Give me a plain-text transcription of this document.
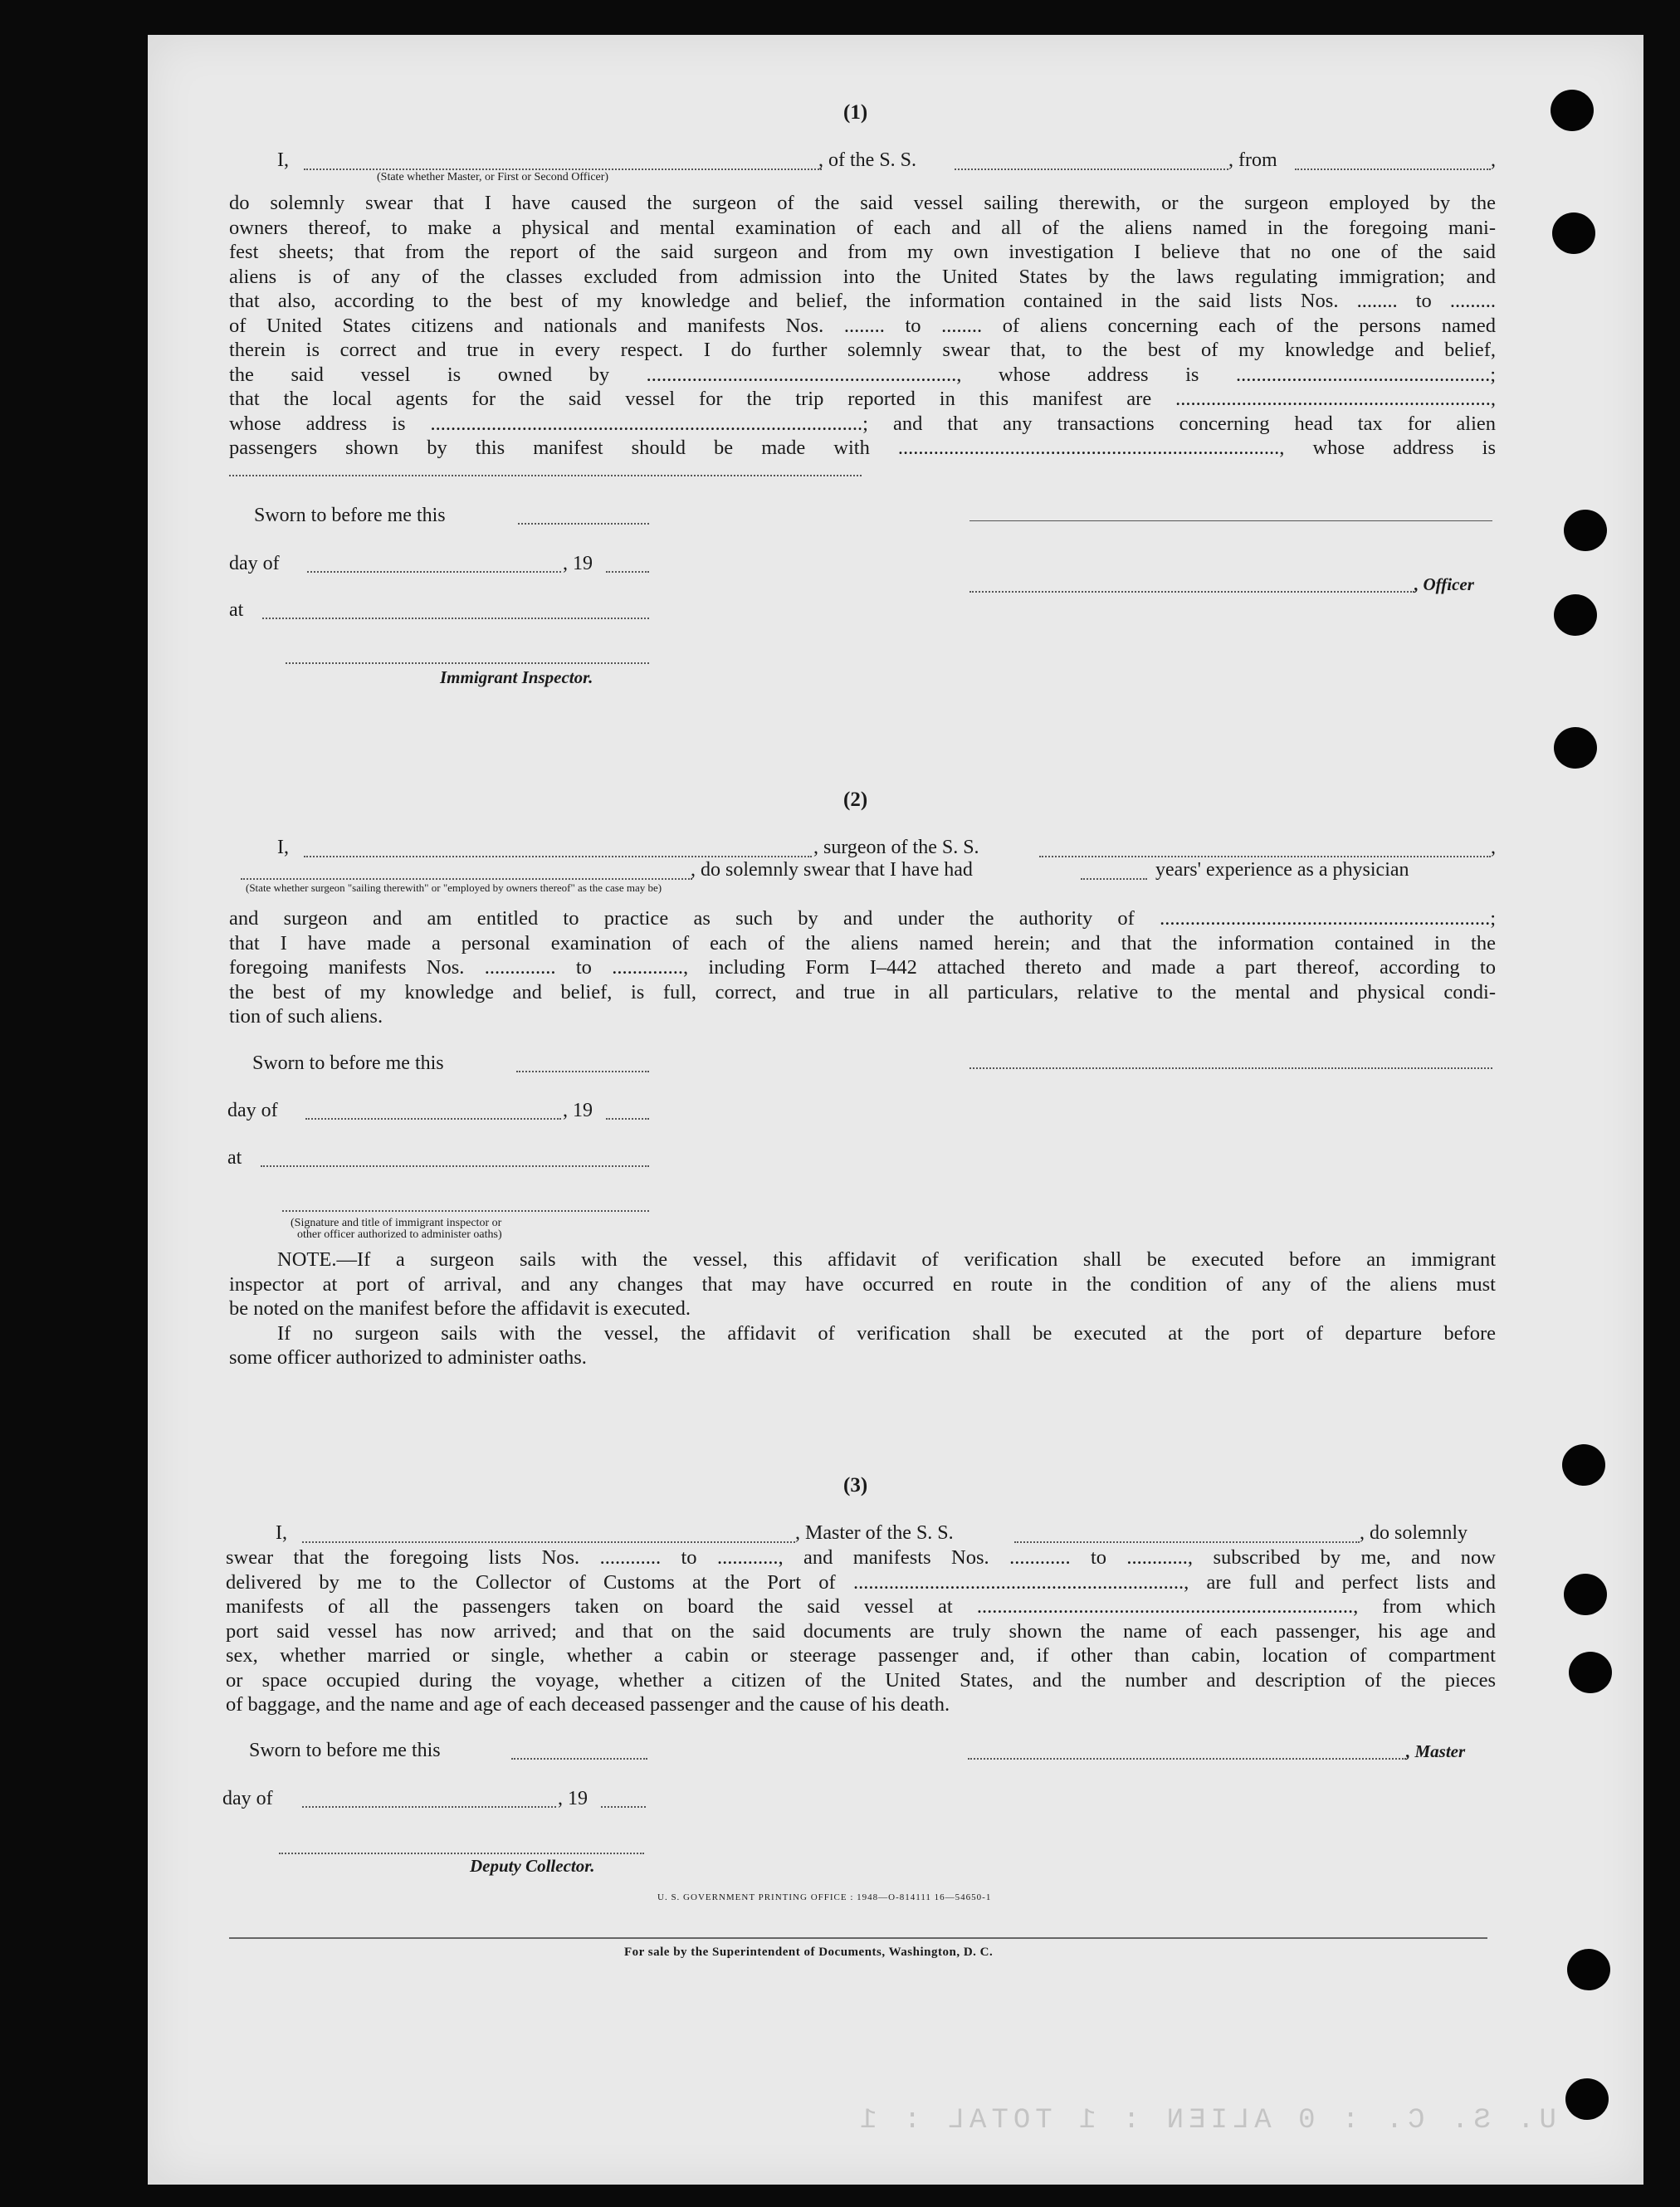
U. S. C. : 0 ALIEN : 1 TOTAL : 1
(1)
I,	, of the S. S.	, from	,
(State whether Master, or First or Second Officer)
do solemnly swear that I have caused the surgeon of the said vessel sailing therewith, or the surgeon employed by the
owners thereof, to make a physical and mental examination of each and all of the aliens named in the foregoing mani-
fest sheets; that from the report of the said surgeon and from my own investigation I believe that no one of the said
aliens is of any of the classes excluded from admission into the United States by the laws regulating immigration; and
that also, according to the best of my knowledge and belief, the information contained in the said lists Nos. ........ to .........
of United States citizens and nationals and manifests Nos. ........ to ........ of aliens concerning each of the persons named
therein is correct and true in every respect. I do further solemnly swear that, to the best of my knowledge and belief,
the said vessel is owned by ............................................................., whose address is ..................................................;
that the local agents for the said vessel for the trip reported in this manifest are ..............................................................,
whose address is .....................................................................................; and that any transactions concerning head tax for alien
passengers shown by this manifest should be made with ..........................................................................., whose address is
Sworn to before me this
day of	, 19
, Officer
at
Immigrant Inspector.
(2)
I,	, surgeon of the S. S.	,
, do solemnly swear that I have had	years' experience as a physician
(State whether surgeon "sailing therewith" or "employed by owners thereof" as the case may be)
and surgeon and am entitled to practice as such by and under the authority of .................................................................;
that I have made a personal examination of each of the aliens named herein; and that the information contained in the
foregoing manifests Nos. .............. to .............., including Form I–442 attached thereto and made a part thereof, according to
the best of my knowledge and belief, is full, correct, and true in all particulars, relative to the mental and physical condi-
tion of such aliens.
Sworn to before me this
day of	, 19
at
(Signature and title of immigrant inspector or
other officer authorized to administer oaths)
NOTE.—If a surgeon sails with the vessel, this affidavit of verification shall be executed before an immigrant
inspector at port of arrival, and any changes that may have occurred en route in the condition of any of the aliens must
be noted on the manifest before the affidavit is executed.
If no surgeon sails with the vessel, the affidavit of verification shall be executed at the port of departure before
some officer authorized to administer oaths.
(3)
I,	, Master of the S. S.	, do solemnly
swear that the foregoing lists Nos. ............ to ............, and manifests Nos. ............ to ............, subscribed by me, and now
delivered by me to the Collector of Customs at the Port of ................................................................., are full and perfect lists and
manifests of all the passengers taken on board the said vessel at .........................................................................., from which
port said vessel has now arrived; and that on the said documents are truly shown the name of each passenger, his age and
sex, whether married or single, whether a cabin or steerage passenger and, if other than cabin, location of compartment
or space occupied during the voyage, whether a citizen of the United States, and the number and description of the pieces
of baggage, and the name and age of each deceased passenger and the cause of his death.
Sworn to before me this	, Master
day of	, 19
Deputy Collector.
U. S. GOVERNMENT PRINTING OFFICE : 1948—O-814111 16—54650-1
For sale by the Superintendent of Documents, Washington, D. C.
